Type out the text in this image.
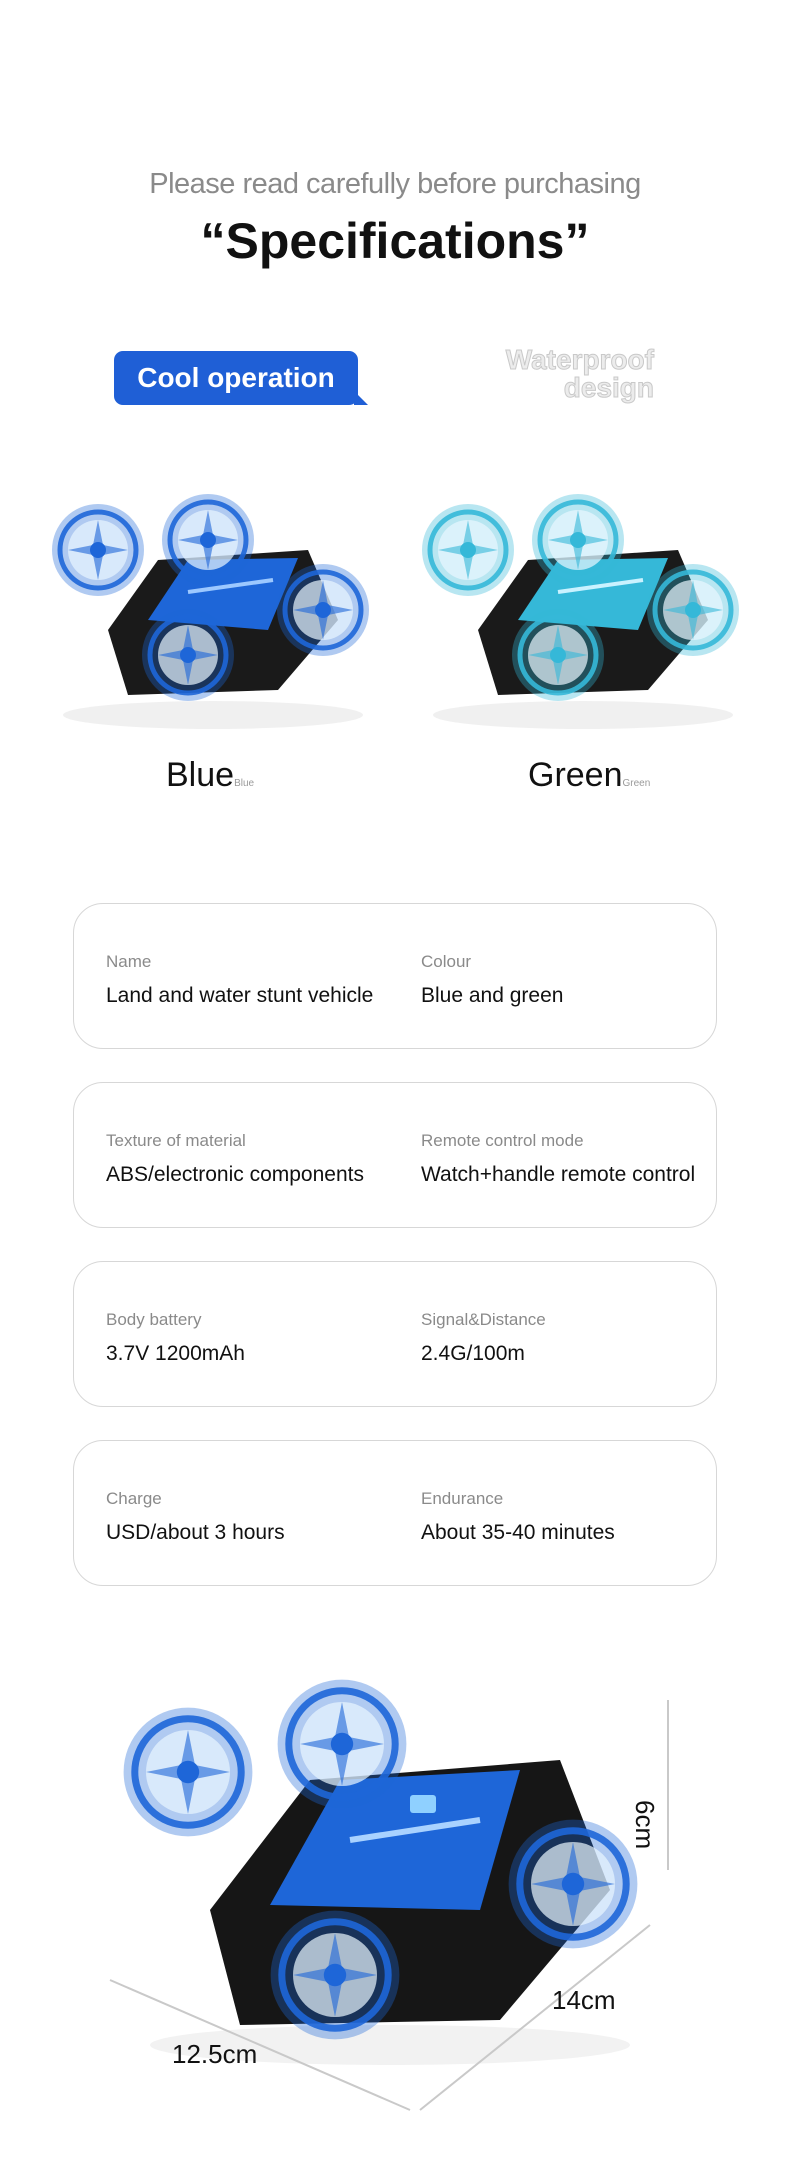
Please read carefully before purchasing
“Specifications”
Cool operation
Waterproof
design
BlueBlue	GreenGreen
Name
Land and water stunt vehicle
Colour
Blue and green
Texture of material
ABS/electronic components
Remote control mode
Watch+handle remote control
Body battery
3.7V 1200mAh
Signal&Distance
2.4G/100m
Charge
USD/about 3 hours
Endurance
About 35-40 minutes
6cm
14cm
12.5cm
